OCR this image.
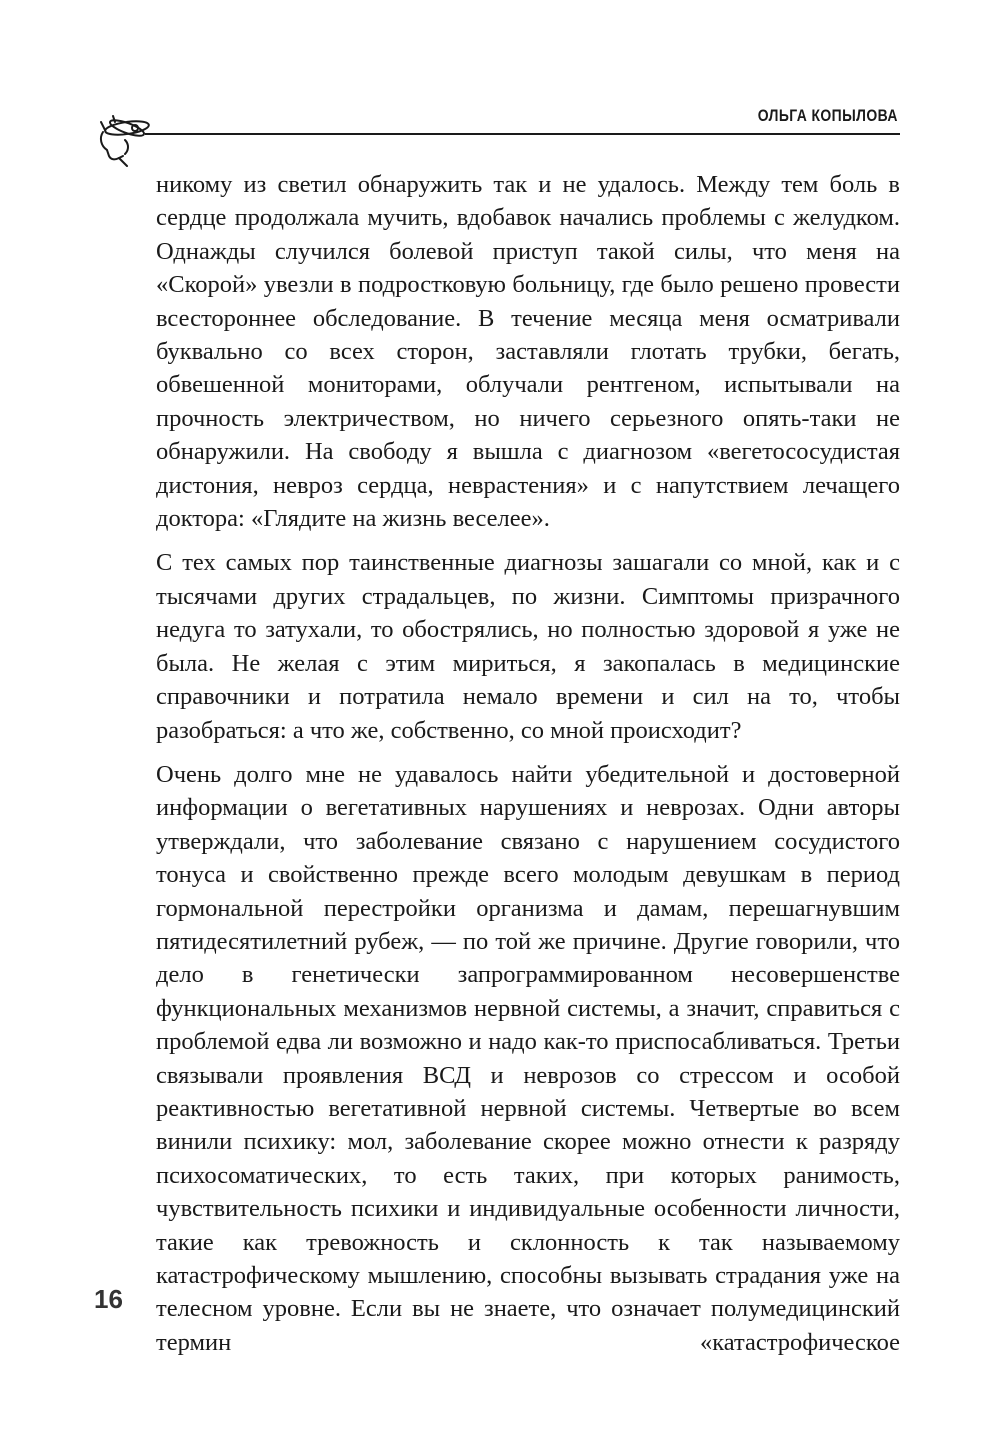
ОЛЬГА КОПЫЛОВА

никому из светил обнаружить так и не удалось. Между тем боль в сердце продолжала мучить, вдобавок начались проблемы с желудком. Однажды случился болевой приступ такой силы, что меня на «Скорой» увезли в подростковую больницу, где было решено провести всестороннее обследование. В течение месяца меня осматривали буквально со всех сторон, заставляли глотать трубки, бегать, обвешенной мониторами, облучали рентгеном, испытывали на прочность электричеством, но ничего серьезного опять-таки не обнаружили. На свободу я вышла с диагнозом «вегетососудистая дистония, невроз сердца, неврастения» и с напутствием лечащего доктора: «Глядите на жизнь веселее».

С тех самых пор таинственные диагнозы зашагали со мной, как и с тысячами других страдальцев, по жизни. Симптомы призрачного недуга то затухали, то обострялись, но полностью здоровой я уже не была. Не желая с этим мириться, я закопалась в медицинские справочники и потратила немало времени и сил на то, чтобы разобраться: а что же, собственно, со мной происходит?

Очень долго мне не удавалось найти убедительной и достоверной информации о вегетативных нарушениях и неврозах. Одни авторы утверждали, что заболевание связано с нарушением сосудистого тонуса и свойственно прежде всего молодым девушкам в период гормональной перестройки организма и дамам, перешагнувшим пятидесятилетний рубеж, — по той же причине. Другие говорили, что дело в генетически запрограммированном несовершенстве функциональных механизмов нервной системы, а значит, справиться с проблемой едва ли возможно и надо как-то приспосабливаться. Третьи связывали проявления ВСД и неврозов со стрессом и особой реактивностью вегетативной нервной системы. Четвертые во всем винили психику: мол, заболевание скорее можно отнести к разряду психосоматических, то есть таких, при которых ранимость, чувствительность психики и индивидуальные особенности личности, такие как тревожность и склонность к так называемому катастрофическому мышлению, способны вызывать страдания уже на телесном уровне. Если вы не знаете, что означает полумедицинский термин «катастрофическое

16
